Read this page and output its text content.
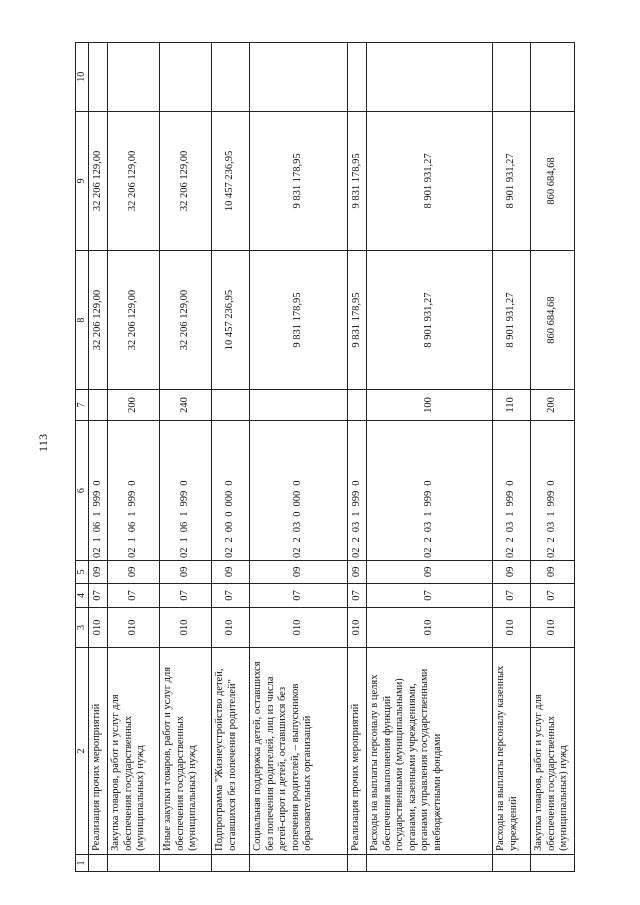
113
1	2	3	4	5	6	7	8	9	10
	Реализация прочих мероприятий	010	07	09	0210619990		32 206 129,00	32 206 129,00	
	Закупка товаров, работ и услуг для обеспечения государственных (муниципальных) нужд	010	07	09	0210619990	200	32 206 129,00	32 206 129,00	
	Иные закупки товаров, работ и услуг для обеспечения государственных (муниципальных) нужд	010	07	09	0210619990	240	32 206 129,00	32 206 129,00	
	Подпрограмма "Жизнеустройство детей, оставшихся без попечения родителей"	010	07	09	0220000000		10 457 236,95	10 457 236,95	
	Социальная поддержка детей, оставшихся без попечения родителей, лиц из числа детей-сирот и детей, оставшихся без попечения родителей, – выпускников образовательных организаций	010	07	09	0220300000		9 831 178,95	9 831 178,95	
	Реализация прочих мероприятий	010	07	09	0220319990		9 831 178,95	9 831 178,95	
	Расходы на выплаты персоналу в целях обеспечения выполнения функций государственными (муниципальными) органами, казенными учреждениями, органами управления государственными внебюджетными фондами	010	07	09	0220319990	100	8 901 931,27	8 901 931,27	
	Расходы на выплаты персоналу казенных учреждений	010	07	09	0220319990	110	8 901 931,27	8 901 931,27	
	Закупка товаров, работ и услуг для обеспечения государственных (муниципальных) нужд	010	07	09	0220319990	200	860 684,68	860 684,68	
